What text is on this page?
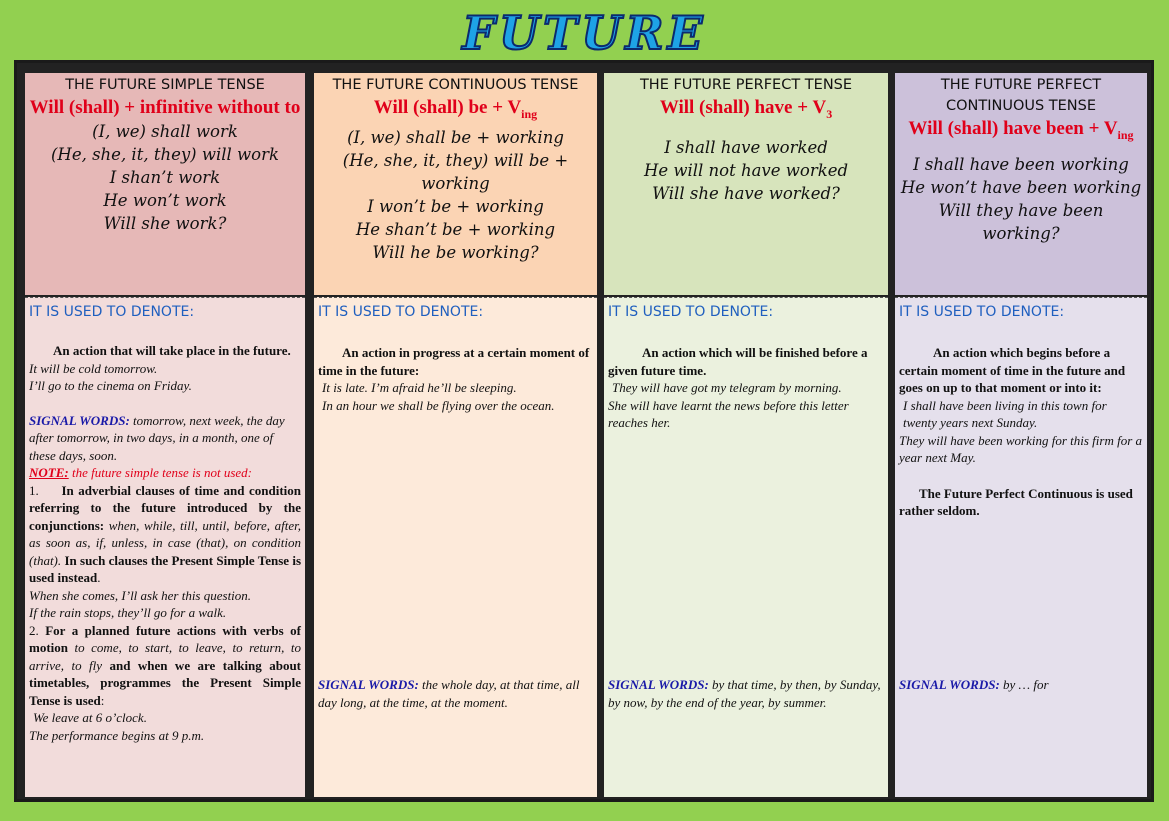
FUTURE
THE FUTURE SIMPLE TENSE
Will (shall) + infinitive without to
(I, we) shall work
(He, she, it, they) will work
I shan’t work
He won’t work
Will she work?
IT IS USED TO DENOTE:

An action that will take place in the future.

It will be cold tomorrow.

I’ll go to the cinema on Friday.

SIGNAL WORDS: tomorrow, next week, the day after tomorrow, in two days, in a month, one of these days, soon.

NOTE: the future simple tense is not used:

1. In adverbial clauses of time and condition referring to the future introduced by the conjunctions: when, while, till, until, before, after, as soon as, if, unless, in case (that), on condition (that). In such clauses the Present Simple Tense is used instead.

When she comes, I’ll ask her this question.

If the rain stops, they’ll go for a walk.

2. For a planned future actions with verbs of motion to come, to start, to leave, to return, to arrive, to fly and when we are talking about timetables, programmes the Present Simple Tense is used:

We leave at 6 o’clock.

The performance begins at 9 p.m.

THE FUTURE CONTINUOUS TENSE
Will (shall) be + $V_{ing}$
(I, we) shall be + working
(He, she, it, they) will be + working
I won’t be + working
He shan’t be + working
Will he be working?
IT IS USED TO DENOTE:

An action in progress at a certain moment of time in the future:

It is late. I’m afraid he’ll be sleeping.

In an hour we shall be flying over the ocean.

SIGNAL WORDS: the whole day, at that time, all day long, at the time, at the moment.

THE FUTURE PERFECT TENSE
Will (shall) have + $V_3$
I shall have worked
He will not have worked
Will she have worked?
IT IS USED TO DENOTE:

An action which will be finished before a given future time.

They will have got my telegram by morning.

She will have learnt the news before this letter reaches her.

SIGNAL WORDS: by that time, by then, by Sunday, by now, by the end of the year, by summer.

THE FUTURE PERFECT CONTINUOUS TENSE
Will (shall) have been + $V_{ing}$
I shall have been working
He won’t have been working
Will they have been working?
IT IS USED TO DENOTE:

An action which begins before a certain moment of time in the future and goes on up to that moment or into it:

I shall have been living in this town for twenty years next Sunday.

They will have been working for this firm for a year next May.

The Future Perfect Continuous is used rather seldom.

SIGNAL WORDS: by … for
